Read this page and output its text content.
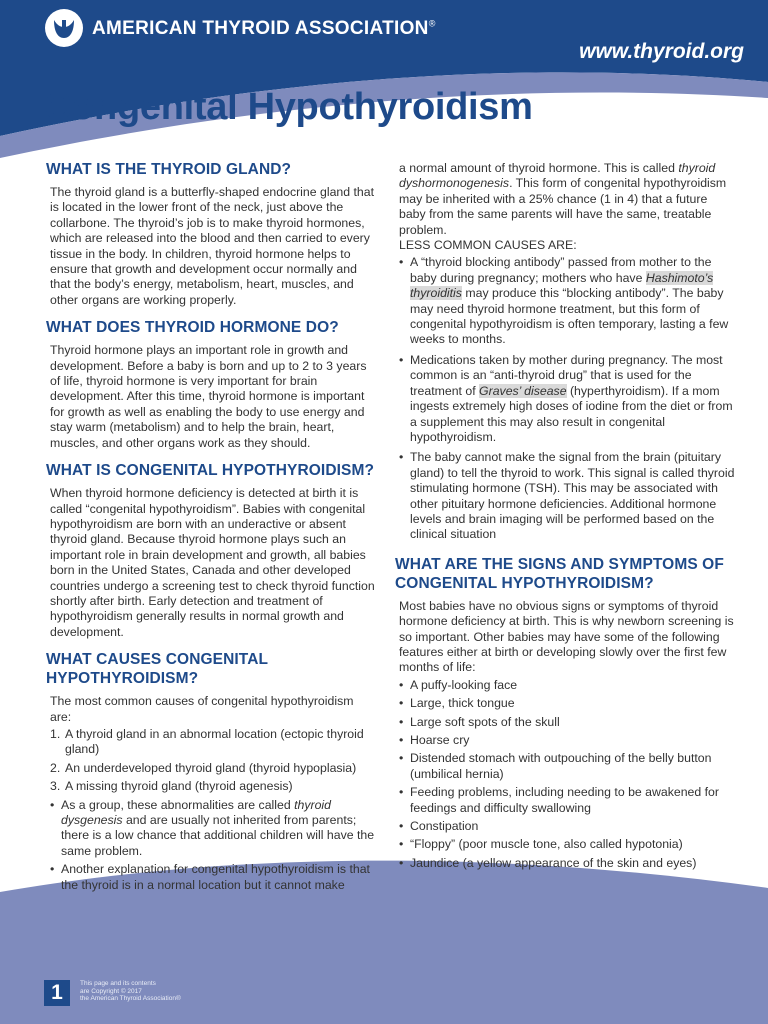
AMERICAN THYROID ASSOCIATION®
www.thyroid.org
Congenital Hypothyroidism
WHAT IS THE THYROID GLAND?

The thyroid gland is a butterfly-shaped endocrine gland that is located in the lower front of the neck, just above the collarbone. The thyroid’s job is to make thyroid hormones, which are released into the blood and then carried to every tissue in the body. In children, thyroid hormone helps to ensure that growth and development occur normally and that the body’s energy, metabolism, heart, muscles, and other organs are working properly.

WHAT DOES THYROID HORMONE DO?

Thyroid hormone plays an important role in growth and development. Before a baby is born and up to 2 to 3 years of life, thyroid hormone is very important for brain development. After this time, thyroid hormone is important for growth as well as enabling the body to use energy and stay warm (metabolism) and to help the brain, heart, muscles, and other organs work as they should.

WHAT IS CONGENITAL HYPOTHYROIDISM?

When thyroid hormone deficiency is detected at birth it is called “congenital hypothyroidism”. Babies with congenital hypothyroidism are born with an underactive or absent thyroid gland. Because thyroid hormone plays such an important role in brain development and growth, all babies born in the United States, Canada and other developed countries undergo a screening test to check thyroid function shortly after birth. Early detection and treatment of hypothyroidism generally results in normal growth and development.

WHAT CAUSES CONGENITAL
HYPOTHYROIDISM?

The most common causes of congenital hypothyroidism are:

1. A thyroid gland in an abnormal location (ectopic thyroid gland)
2. An underdeveloped thyroid gland (thyroid hypoplasia)
3. A missing thyroid gland (thyroid agenesis)
• As a group, these abnormalities are called thyroid dysgenesis and are usually not inherited from parents; there is a low chance that additional children will have the same problem.
• Another explanation for congenital hypothyroidism is that the thyroid is in a normal location but it cannot make

a normal amount of thyroid hormone. This is called thyroid dyshormonogenesis. This form of congenital hypothyroidism may be inherited with a 25% chance (1 in 4) that a future baby from the same parents will have the same, treatable problem.

LESS COMMON CAUSES ARE:

• A “thyroid blocking antibody” passed from mother to the baby during pregnancy; mothers who have Hashimoto’s thyroiditis may produce this “blocking antibody”. The baby may need thyroid hormone treatment, but this form of congenital hypothyroidism is often temporary, lasting a few weeks to months.
• Medications taken by mother during pregnancy. The most common is an “anti-thyroid drug” that is used for the treatment of Graves’ disease (hyperthyroidism). If a mom ingests extremely high doses of iodine from the diet or from a supplement this may also result in congenital hypothyroidism.
• The baby cannot make the signal from the brain (pituitary gland) to tell the thyroid to work. This signal is called thyroid stimulating hormone (TSH). This may be associated with other pituitary hormone deficiencies. Additional hormone levels and brain imaging will be performed based on the clinical situation
WHAT ARE THE SIGNS AND SYMPTOMS OF
CONGENITAL HYPOTHYROIDISM?

Most babies have no obvious signs or symptoms of thyroid hormone deficiency at birth. This is why newborn screening is so important. Other babies may have some of the following features either at birth or developing slowly over the first few months of life:

• A puffy-looking face
• Large, thick tongue
• Large soft spots of the skull
• Hoarse cry
• Distended stomach with outpouching of the belly button (umbilical hernia)
• Feeding problems, including needing to be awakened for feedings and difficulty swallowing
• Constipation
• “Floppy” (poor muscle tone, also called hypotonia)
• Jaundice (a yellow appearance of the skin and eyes)
1	This page and its contents
are Copyright © 2017
the American Thyroid Association®
